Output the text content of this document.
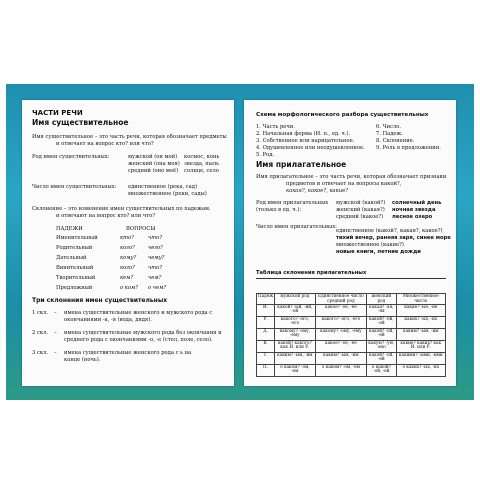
ЧАСТИ РЕЧИ
Имя существительное
Имя существительное – это часть речи, которая обозначает предметы
и отвечает на вопрос кто? или что?
Род имен существительных:	мужской (он мой) космос, конь
женский (она моя) звезда, пыль
средний (оно моё) солнце, село
Число имен существительных: единственное (река, сад)
множественное (реки, сады)
Склонение – это изменение имен существительных по падежам.
и отвечают на вопрос кто? или что?
ПАДЕЖИ	ВОПРОСЫ
Именительный	кто?	что?
Родительный	кого?	чего?
Дательный	кому? чему?
Винительный	кого?	что?
Творительный	кем?	чем?
Предложный	о ком? о чем?
Три склонения имен существительных
1 скл. – имена существительные женского и мужского рода с
окончаниями -а, -я (вода, дядя).
2 скл. – имена существительные мужского рода без окончания и
среднего рода с окончаниями -о, -е (стол, поле, село).
3 скл. – имена существительные женского рода с ь на
конце (ночь).
Схема морфологического разбора существительных
1. Часть речи.
2. Начальная форма (И. п., ед. ч.).
3. Собственное или нарицательное.
4. Одушевленное или неодушевленное.
5. Род.
6. Число.
7. Падеж.
8. Склонение.
9. Роль в предложении.
Имя прилагательное
Имя прилагательное – это часть речи, которая обозначает признаки
предметов и отвечает на вопросы какой?,
какая?, какое?, какие?
Род имен прилагательных
(только в ед. ч.):
мужской (какой?) солнечный день
женский (какая?) ночная звезда
средний (какое?) лесное озеро
Число имен прилагательных:
единственное (какой?, какая?, какое?)
тихий вечер, ранняя заря, синее море
множественное (какие?)
новые книги, летние дожди
Таблица склонения прилагательных
Падеж	мужской род	Единственное число средний род	женский род	Множественное число
И.	какой? -ый, -ий, -ой	какое? -ое, -ее	какая? -ая, -яя	какие? -ые, -ие
Р.	какого? -ого, -его	какого? -ого, -его	какой? -ой, -ей	каких? -ых, -их
Д.	какому? -ому, -ему	какому? -ому, -ему	какой? -ой, -ей	каким? -ым, -им
В.	какой? какого? как И. или Р.	какое? -ое, -ее	какую? -ую, -юю	какие? каких? как И. или Р.
Т.	каким? -ым, -им	каким? -ым, -им	какой? -ой, -ей	какими? -ыми, -ими
П.	о каком? -ом, -ем	о каком? -ом, -ем	о какой? -ой, -ей	о каких? -ых, -их
